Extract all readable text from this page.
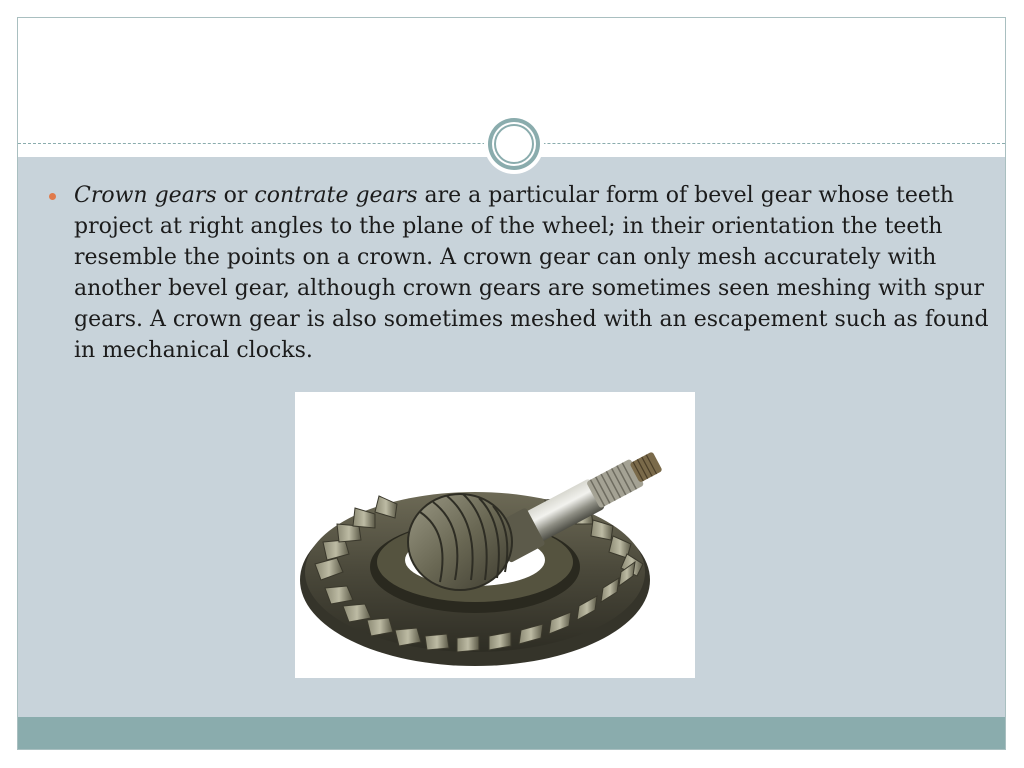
Crown gears or contrate gears are a particular form of bevel gear whose teeth project at right angles to the plane of the wheel; in their orientation the teeth resemble the points on a crown. A crown gear can only mesh accurately with another bevel gear, although crown gears are sometimes seen meshing with spur gears. A crown gear is also sometimes meshed with an escapement such as found in mechanical clocks.
